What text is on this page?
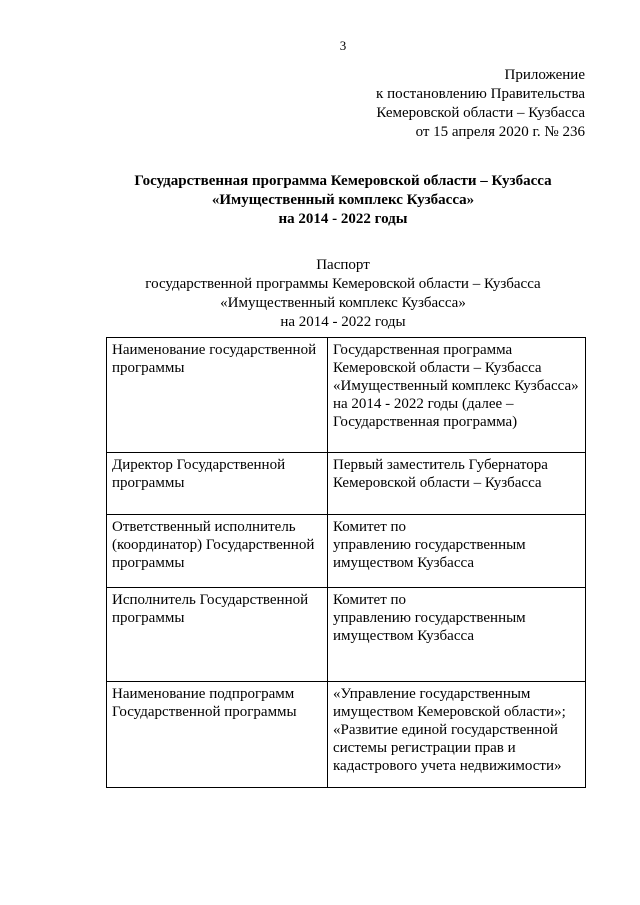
3
Приложение
к постановлению Правительства
Кемеровской области – Кузбасса
от 15 апреля 2020 г. № 236
Государственная программа Кемеровской области – Кузбасса
«Имущественный комплекс Кузбасса»
на 2014 - 2022 годы
Паспорт
государственной программы Кемеровской области – Кузбасса
«Имущественный комплекс Кузбасса»
на 2014 - 2022 годы
Наименование государственной
программы	Государственная программа
Кемеровской области – Кузбасса
«Имущественный комплекс Кузбасса»
на 2014 - 2022 годы (далее –
Государственная программа)

Директор Государственной
программы	Первый заместитель Губернатора
Кемеровской области – Кузбасса

Ответственный исполнитель
(координатор) Государственной
программы	Комитет по
управлению государственным
имуществом Кузбасса

Исполнитель Государственной
программы	Комитет по
управлению государственным
имуществом Кузбасса

Наименование подпрограмм
Государственной программы	«Управление государственным
имуществом Кемеровской области»;
«Развитие единой государственной
системы регистрации прав и
кадастрового учета недвижимости»
